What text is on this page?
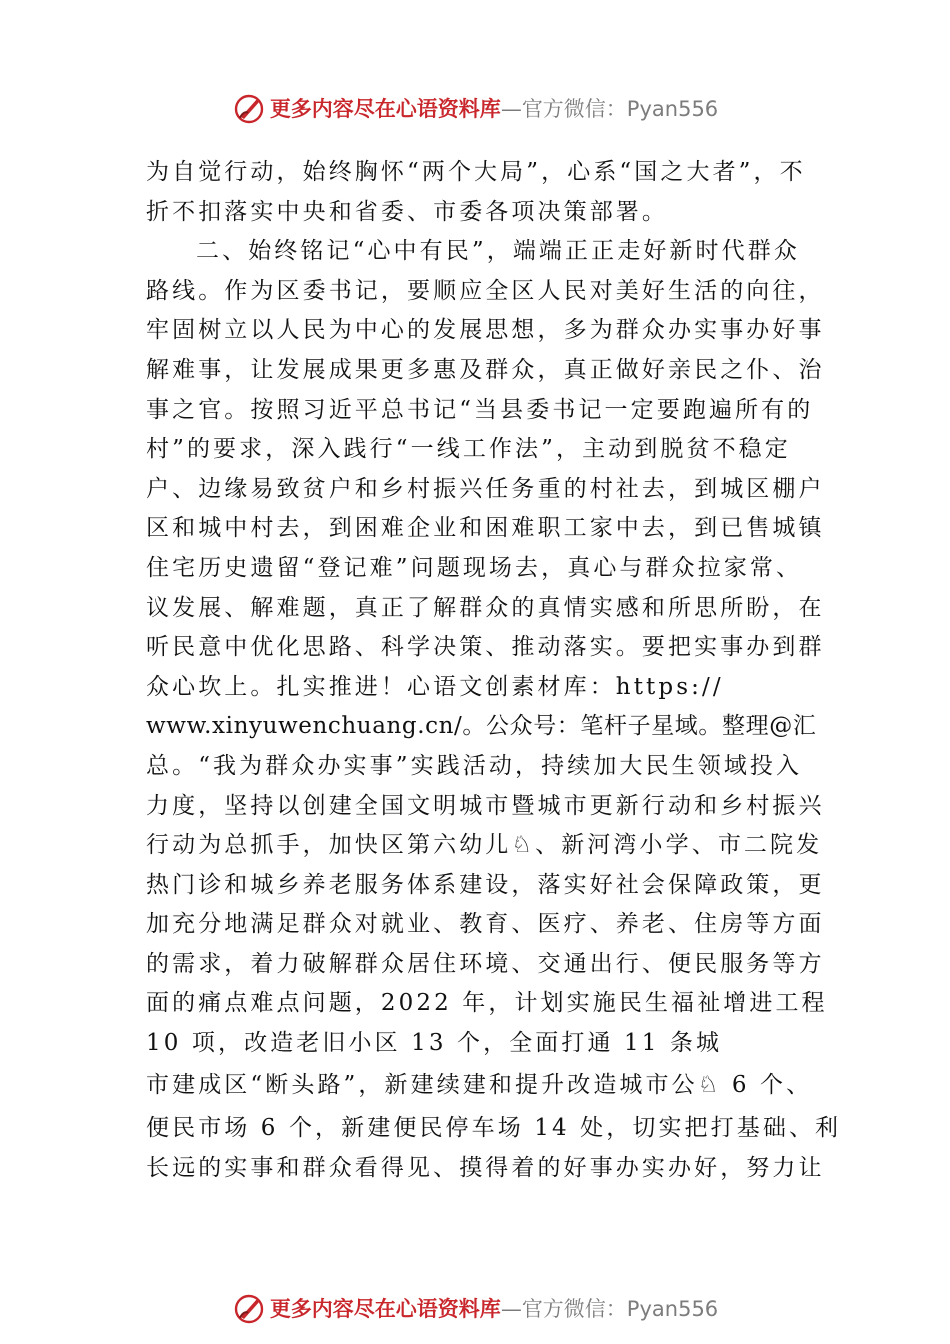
更多内容尽在心语资料库 —官方微信：Pyan556
为自觉行动，始终胸怀“两个大局”，心系“国之大者”，不
折不扣落实中央和省委、市委各项决策部署。
二、始终铭记“心中有民”，端端正正走好新时代群众
路线。作为区委书记，要顺应全区人民对美好生活的向往，
牢固树立以人民为中心的发展思想，多为群众办实事办好事
解难事，让发展成果更多惠及群众，真正做好亲民之仆、治
事之官。按照习近平总书记“当县委书记一定要跑遍所有的
村”的要求，深入践行“一线工作法”，主动到脱贫不稳定
户、边缘易致贫户和乡村振兴任务重的村社去，到城区棚户
区和城中村去，到困难企业和困难职工家中去，到已售城镇
住宅历史遗留“登记难”问题现场去，真心与群众拉家常、
议发展、解难题，真正了解群众的真情实感和所思所盼，在
听民意中优化思路、科学决策、推动落实。要把实事办到群
众心坎上。扎实推进！心语文创素材库：https://
www.xinyuwenchuang.cn/。公众号：笔杆子星域。整理@汇
总。“我为群众办实事”实践活动，持续加大民生领域投入
力度，坚持以创建全国文明城市暨城市更新行动和乡村振兴
行动为总抓手，加快区第六幼儿♘、新河湾小学、市二院发
热门诊和城乡养老服务体系建设，落实好社会保障政策，更
加充分地满足群众对就业、教育、医疗、养老、住房等方面
的需求，着力破解群众居住环境、交通出行、便民服务等方
面的痛点难点问题，2022 年，计划实施民生福祉增进工程
10 项，改造老旧小区 13 个，全面打通 11 条城
市建成区“断头路”，新建续建和提升改造城市公♘ 6 个、
便民市场 6 个，新建便民停车场 14 处，切实把打基础、利
长远的实事和群众看得见、摸得着的好事办实办好，努力让
更多内容尽在心语资料库 —官方微信：Pyan556
